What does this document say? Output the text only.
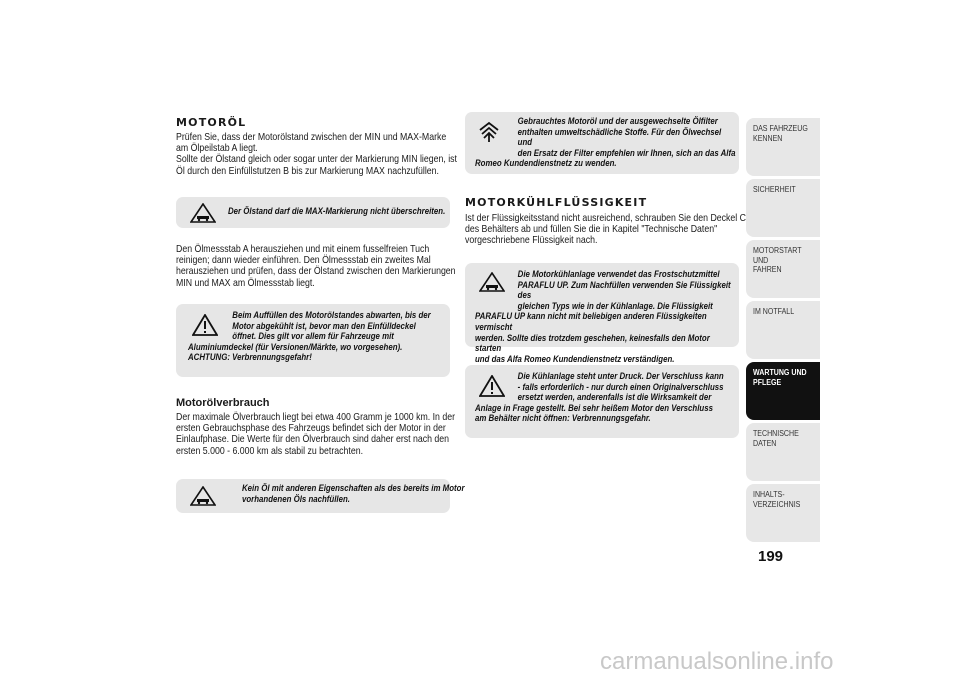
MOTORÖL

Prüfen Sie, dass der Motorölstand zwischen der MIN und MAX-Marke am Ölpeilstab A liegt.

Sollte der Ölstand gleich oder sogar unter der Markierung MIN liegen, ist Öl durch den Einfüllstutzen B bis zur Markierung MAX nachzufüllen.

Der Ölstand darf die MAX-Markierung nicht überschreiten.

Den Ölmessstab A herausziehen und mit einem fusselfreien Tuch reinigen; dann wieder einführen. Den Ölmessstab ein zweites Mal herausziehen und prüfen, dass der Ölstand zwischen den Markierungen MIN und MAX am Ölmessstab liegt.

Beim Auffüllen des Motorölstandes abwarten, bis der
Motor abgekühlt ist, bevor man den Einfülldeckel
öffnet. Dies gilt vor allem für Fahrzeuge mit
Aluminiumdeckel (für Versionen/Märkte, wo vorgesehen).
ACHTUNG: Verbrennungsgefahr!
Motorölverbrauch

Der maximale Ölverbrauch liegt bei etwa 400 Gramm je 1000 km. In der ersten Gebrauchsphase des Fahrzeugs befindet sich der Motor in der Einlaufphase. Die Werte für den Ölverbrauch sind daher erst nach den ersten 5.000 - 6.000 km als stabil zu betrachten.

Kein Öl mit anderen Eigenschaften als des bereits im Motor
vorhandenen Öls nachfüllen.
Gebrauchtes Motoröl und der ausgewechselte Ölfilter
enthalten umweltschädliche Stoffe. Für den Ölwechsel und
den Ersatz der Filter empfehlen wir Ihnen, sich an das Alfa
Romeo Kundendienstnetz zu wenden.
MOTORKÜHLFLÜSSIGKEIT

Ist der Flüssigkeitsstand nicht ausreichend, schrauben Sie den Deckel C des Behälters ab und füllen Sie die in Kapitel "Technische Daten" vorgeschriebene Flüssigkeit nach.

Die Motorkühlanlage verwendet das Frostschutzmittel
PARAFLU UP. Zum Nachfüllen verwenden Sie Flüssigkeit des
gleichen Typs wie in der Kühlanlage. Die Flüssigkeit
PARAFLU UP kann nicht mit beliebigen anderen Flüssigkeiten vermischt
werden. Sollte dies trotzdem geschehen, keinesfalls den Motor starten
und das Alfa Romeo Kundendienstnetz verständigen.
Die Kühlanlage steht unter Druck. Der Verschluss kann
- falls erforderlich - nur durch einen Originalverschluss
ersetzt werden, anderenfalls ist die Wirksamkeit der
Anlage in Frage gestellt. Bei sehr heißem Motor den Verschluss
am Behälter nicht öffnen: Verbrennungsgefahr.
DAS FAHRZEUG
KENNEN
SICHERHEIT
MOTORSTART UND
FAHREN
IM NOTFALL
WARTUNG UND
PFLEGE
TECHNISCHE DATEN
INHALTS-
VERZEICHNIS
199
carmanualsonline.info
